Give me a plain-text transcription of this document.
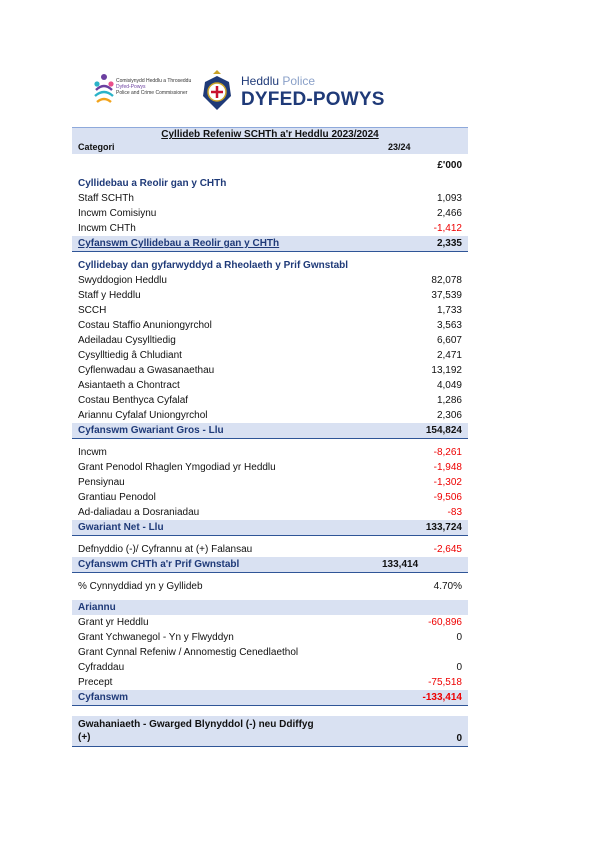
Comisiynydd Heddlu a Throseddu
Dyfed-Powys
Police and Crime Commissioner
Heddlu Police
DYFED-POWYS
Cyllideb Refeniw SCHTh a'r Heddlu 2023/2024
Categori	23/24
£'000
Cyllidebau a Reolir gan y CHTh
Staff SCHTh	1,093
Incwm Comisiynu	2,466
Incwm CHTh	-1,412
Cyfanswm Cyllidebau a Reolir gan y CHTh	2,335
Cyllidebay dan gyfarwyddyd a Rheolaeth y Prif Gwnstabl
Swyddogion Heddlu	82,078
Staff y Heddlu	37,539
SCCH	1,733
Costau Staffio Anuniongyrchol	3,563
Adeiladau Cysylltiedig	6,607
Cysylltiedig â Chludiant	2,471
Cyflenwadau a Gwasanaethau	13,192
Asiantaeth a Chontract	4,049
Costau Benthyca Cyfalaf	1,286
Ariannu Cyfalaf Uniongyrchol	2,306
Cyfanswm Gwariant Gros - Llu	154,824
Incwm	-8,261
Grant Penodol Rhaglen Ymgodiad yr Heddlu	-1,948
Pensiynau	-1,302
Grantiau Penodol	-9,506
Ad-daliadau a Dosraniadau	-83
Gwariant Net - Llu	133,724
Defnyddio (-)/ Cyfrannu at (+) Falansau	-2,645
Cyfanswm CHTh a'r Prif Gwnstabl	133,414
% Cynnyddiad yn y Gyllideb	4.70%
Ariannu
Grant yr Heddlu	-60,896
Grant Ychwanegol - Yn y Flwyddyn	0
Grant Cynnal Refeniw / Annomestig Cenedlaethol
Cyfraddau	0
Precept	-75,518
Cyfanswm	-133,414
Gwahaniaeth - Gwarged Blynyddol (-) neu Ddiffyg (+)	0
